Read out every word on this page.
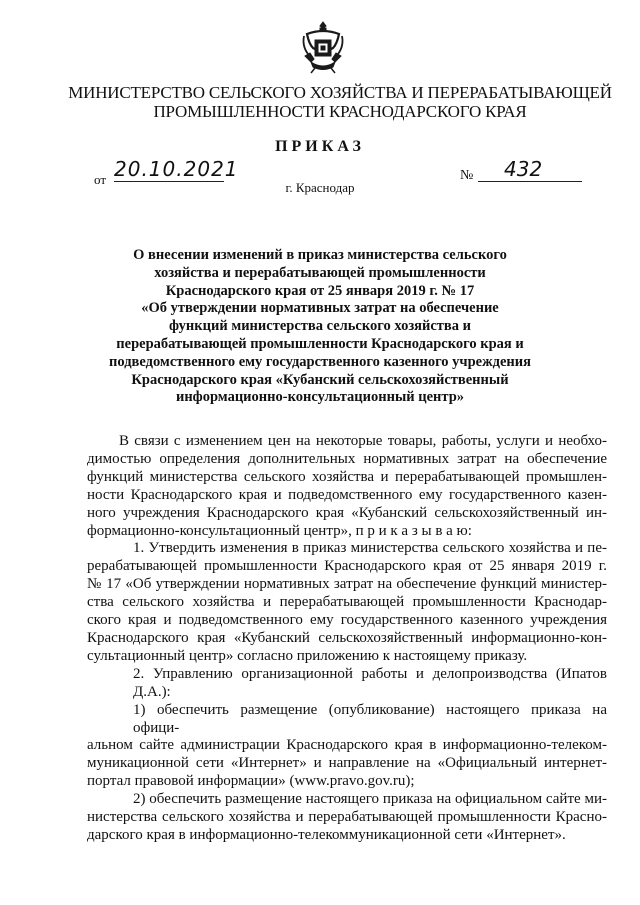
МИНИСТЕРСТВО СЕЛЬСКОГО ХОЗЯЙСТВА И ПЕРЕРАБАТЫВАЮЩЕЙ
ПРОМЫШЛЕННОСТИ КРАСНОДАРСКОГО КРАЯ
ПРИКАЗ
от 20.10.2021	№	432
г. Краснодар
О внесении изменений в приказ министерства сельского
хозяйства и перерабатывающей промышленности
Краснодарского края от 25 января 2019 г. № 17
«Об утверждении нормативных затрат на обеспечение
функций министерства сельского хозяйства и
перерабатывающей промышленности Краснодарского края и
подведомственного ему государственного казенного учреждения
Краснодарского края «Кубанский сельскохозяйственный
информационно-консультационный центр»
В связи с изменением цен на некоторые товары, работы, услуги и необхо-
димостью определения дополнительных нормативных затрат на обеспечение
функций министерства сельского хозяйства и перерабатывающей промышлен-
ности Краснодарского края и подведомственного ему государственного казен-
ного учреждения Краснодарского края «Кубанский сельскохозяйственный ин-
формационно-консультационный центр», п р и к а з ы в а ю:
1. Утвердить изменения в приказ министерства сельского хозяйства и пе-
рерабатывающей промышленности Краснодарского края от 25 января 2019 г.
№ 17 «Об утверждении нормативных затрат на обеспечение функций министер-
ства сельского хозяйства и перерабатывающей промышленности Краснодар-
ского края и подведомственного ему государственного казенного учреждения
Краснодарского края «Кубанский сельскохозяйственный информационно-кон-
сультационный центр» согласно приложению к настоящему приказу.
2. Управлению организационной работы и делопроизводства (Ипатов Д.А.):
1) обеспечить размещение (опубликование) настоящего приказа на офици-
альном сайте администрации Краснодарского края в информационно-телеком-
муникационной сети «Интернет» и направление на «Официальный интернет-
портал правовой информации» (www.pravo.gov.ru);
2) обеспечить размещение настоящего приказа на официальном сайте ми-
нистерства сельского хозяйства и перерабатывающей промышленности Красно-
дарского края в информационно-телекоммуникационной сети «Интернет».
